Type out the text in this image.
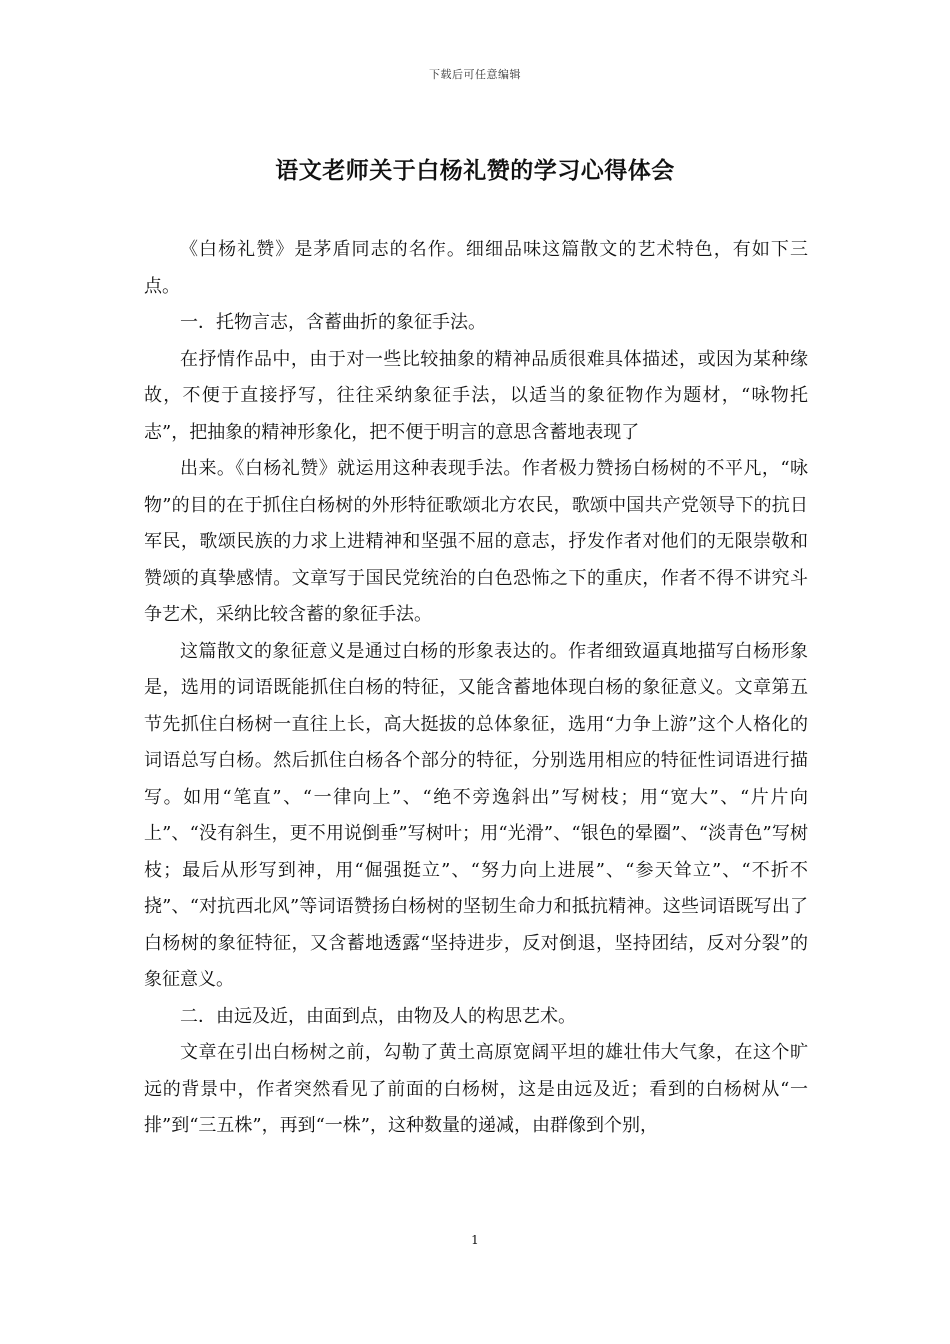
下载后可任意编辑
语文老师关于白杨礼赞的学习心得体会

《白杨礼赞》是茅盾同志的名作。细细品味这篇散文的艺术特色，有如下三点。

一．托物言志，含蓄曲折的象征手法。

在抒情作品中，由于对一些比较抽象的精神品质很难具体描述，或因为某种缘故，不便于直接抒写，往往采纳象征手法，以适当的象征物作为题材，“咏物托志”，把抽象的精神形象化，把不便于明言的意思含蓄地表现了

出来。《白杨礼赞》就运用这种表现手法。作者极力赞扬白杨树的不平凡，“咏物”的目的在于抓住白杨树的外形特征歌颂北方农民，歌颂中国共产党领导下的抗日军民，歌颂民族的力求上进精神和坚强不屈的意志，抒发作者对他们的无限崇敬和赞颂的真挚感情。文章写于国民党统治的白色恐怖之下的重庆，作者不得不讲究斗争艺术，采纳比较含蓄的象征手法。

这篇散文的象征意义是通过白杨的形象表达的。作者细致逼真地描写白杨形象是，选用的词语既能抓住白杨的特征，又能含蓄地体现白杨的象征意义。文章第五节先抓住白杨树一直往上长，高大挺拔的总体象征，选用“力争上游”这个人格化的词语总写白杨。然后抓住白杨各个部分的特征，分别选用相应的特征性词语进行描写。如用“笔直”、“一律向上”、“绝不旁逸斜出”写树枝；用“宽大”、“片片向上”、“没有斜生，更不用说倒垂”写树叶；用“光滑”、“银色的晕圈”、“淡青色”写树枝；最后从形写到神，用“倔强挺立”、“努力向上进展”、“参天耸立”、“不折不挠”、“对抗西北风”等词语赞扬白杨树的坚韧生命力和抵抗精神。这些词语既写出了白杨树的象征特征，又含蓄地透露“坚持进步，反对倒退，坚持团结，反对分裂”的象征意义。

二．由远及近，由面到点，由物及人的构思艺术。

文章在引出白杨树之前，勾勒了黄土高原宽阔平坦的雄壮伟大气象，在这个旷远的背景中，作者突然看见了前面的白杨树，这是由远及近；看到的白杨树从“一排”到“三五株”，再到“一株”，这种数量的递减，由群像到个别，

1
